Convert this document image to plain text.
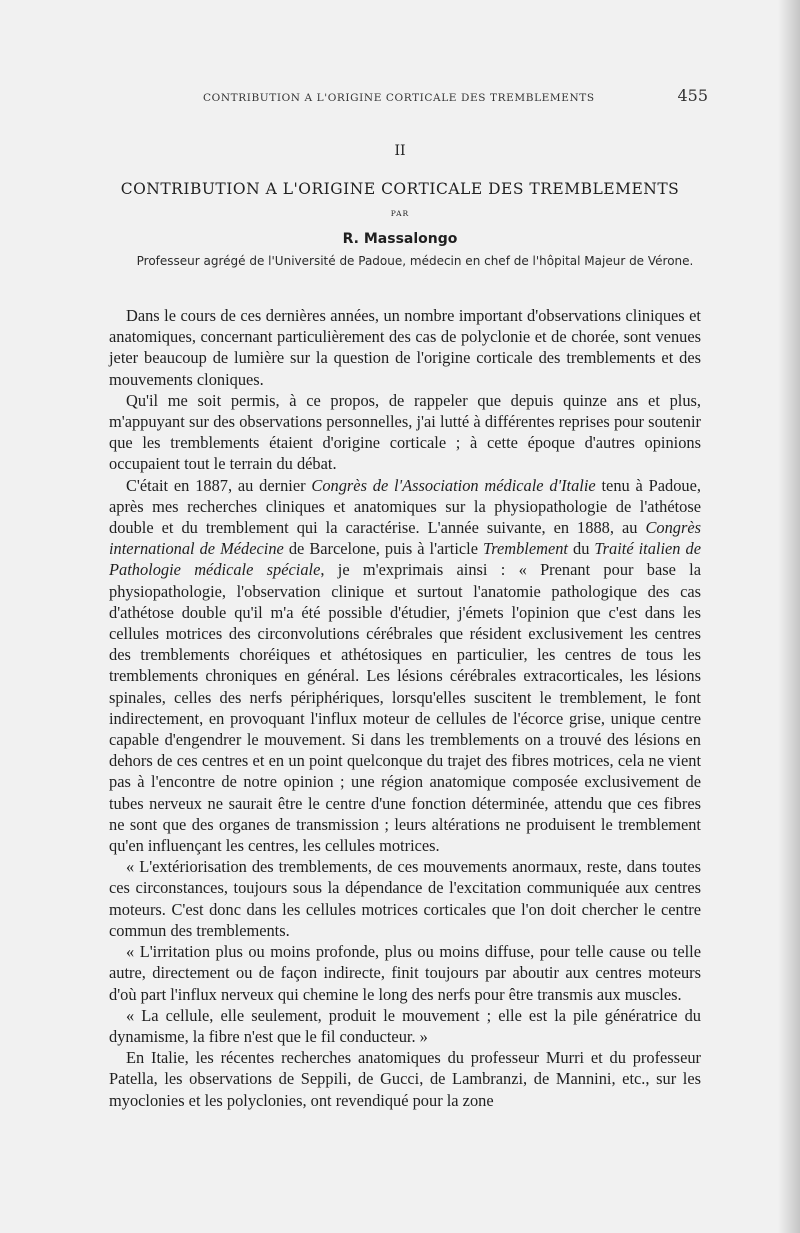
CONTRIBUTION A L'ORIGINE CORTICALE DES TREMBLEMENTS	455
II
CONTRIBUTION A L'ORIGINE CORTICALE DES TREMBLEMENTS
PAR
R. Massalongo
Professeur agrégé de l'Université de Padoue, médecin en chef de l'hôpital Majeur de Vérone.

Dans le cours de ces dernières années, un nombre important d'observations cliniques et anatomiques, concernant particulièrement des cas de polyclonie et de chorée, sont venues jeter beaucoup de lumière sur la question de l'origine corticale des tremblements et des mouvements cloniques.

Qu'il me soit permis, à ce propos, de rappeler que depuis quinze ans et plus, m'appuyant sur des observations personnelles, j'ai lutté à différentes reprises pour soutenir que les tremblements étaient d'origine corticale ; à cette époque d'autres opinions occupaient tout le terrain du débat.

C'était en 1887, au dernier Congrès de l'Association médicale d'Italie tenu à Padoue, après mes recherches cliniques et anatomiques sur la physiopathologie de l'athétose double et du tremblement qui la caractérise. L'année suivante, en 1888, au Congrès international de Médecine de Barcelone, puis à l'article Tremblement du Traité italien de Pathologie médicale spéciale, je m'exprimais ainsi : « Prenant pour base la physiopathologie, l'observation clinique et surtout l'anatomie pathologique des cas d'athétose double qu'il m'a été possible d'étudier, j'émets l'opinion que c'est dans les cellules motrices des circonvolutions cérébrales que résident exclusivement les centres des tremblements choréiques et athétosiques en particulier, les centres de tous les tremblements chroniques en général. Les lésions cérébrales extracorticales, les lésions spinales, celles des nerfs périphériques, lorsqu'elles suscitent le tremblement, le font indirectement, en provoquant l'influx moteur de cellules de l'écorce grise, unique centre capable d'engendrer le mouvement. Si dans les tremblements on a trouvé des lésions en dehors de ces centres et en un point quelconque du trajet des fibres motrices, cela ne vient pas à l'encontre de notre opinion ; une région anatomique composée exclusivement de tubes nerveux ne saurait être le centre d'une fonction déterminée, attendu que ces fibres ne sont que des organes de transmission ; leurs altérations ne produisent le tremblement qu'en influençant les centres, les cellules motrices.

« L'extériorisation des tremblements, de ces mouvements anormaux, reste, dans toutes ces circonstances, toujours sous la dépendance de l'excitation communiquée aux centres moteurs. C'est donc dans les cellules motrices corticales que l'on doit chercher le centre commun des tremblements.

« L'irritation plus ou moins profonde, plus ou moins diffuse, pour telle cause ou telle autre, directement ou de façon indirecte, finit toujours par aboutir aux centres moteurs d'où part l'influx nerveux qui chemine le long des nerfs pour être transmis aux muscles.

« La cellule, elle seulement, produit le mouvement ; elle est la pile génératrice du dynamisme, la fibre n'est que le fil conducteur. »

En Italie, les récentes recherches anatomiques du professeur Murri et du professeur Patella, les observations de Seppili, de Gucci, de Lambranzi, de Mannini, etc., sur les myoclonies et les polyclonies, ont revendiqué pour la zone
